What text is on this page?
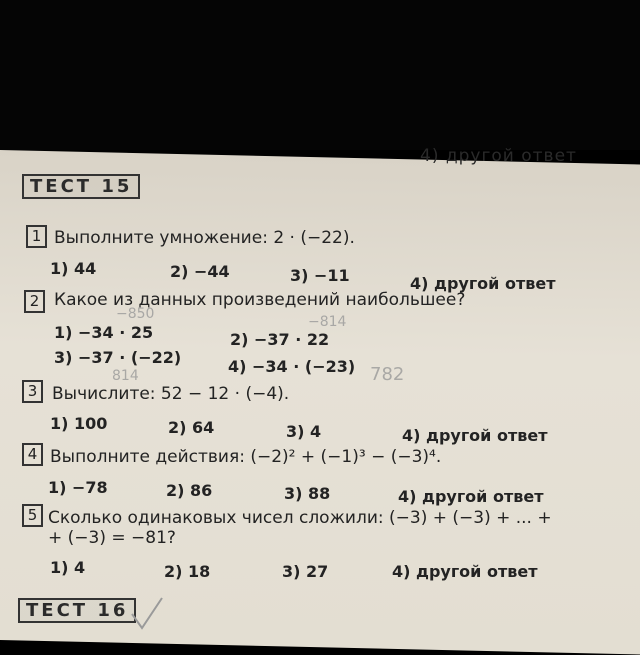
4) другой ответ
ТЕСТ 15
1 Выполните умножение: 2 · (−22).
1) 44	2) −44	3) −11	4) другой ответ
2 Какое из данных произведений наибольшее?
1) −34 · 25	2) −37 · 22
3) −37 · (−22)	4) −34 · (−23)
−850	−814
814	782
3 Вычислите: 52 − 12 · (−4).
1) 100	2) 64	3) 4	4) другой ответ
4 Выполните действия: (−2)² + (−1)³ − (−3)⁴.
1) −78	2) 86	3) 88	4) другой ответ
5 Сколько одинаковых чисел сложили: (−3) + (−3) + ... +
+ (−3) = −81?
1) 4	2) 18	3) 27	4) другой ответ
ТЕСТ 16
